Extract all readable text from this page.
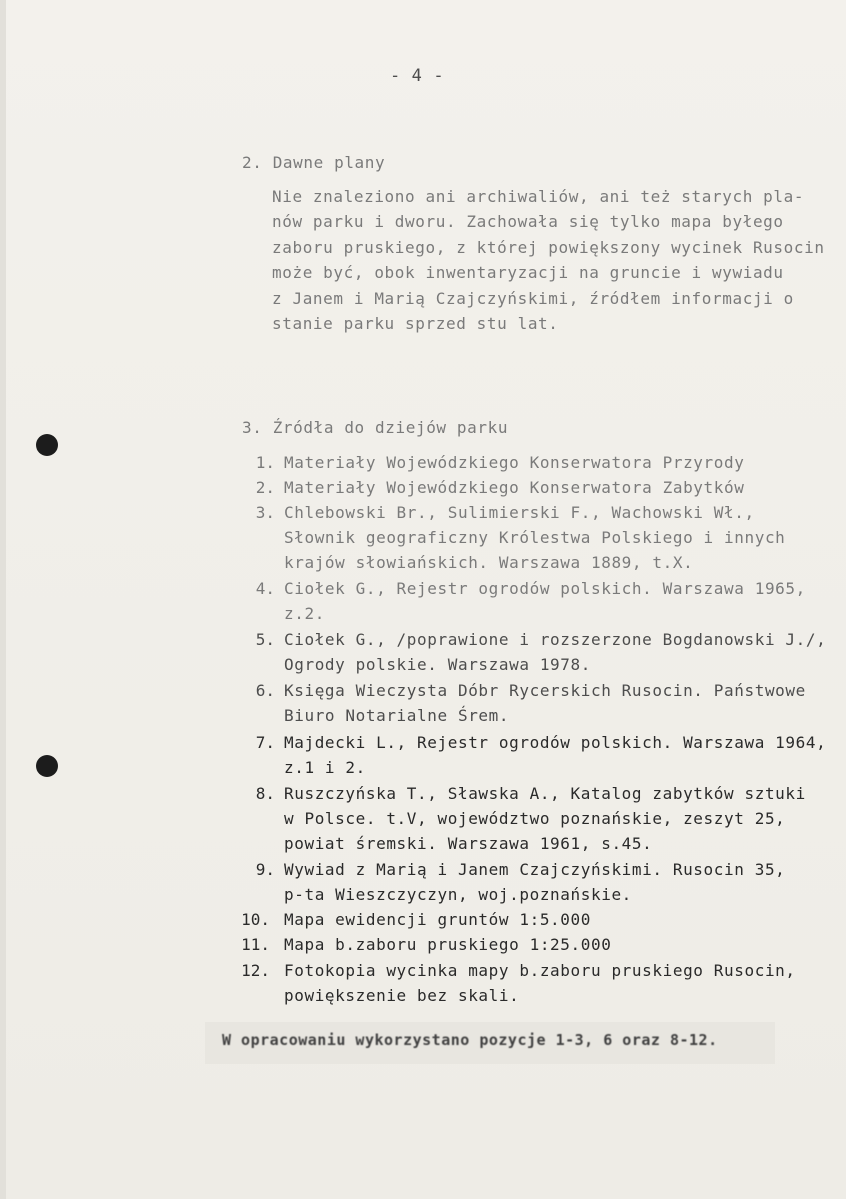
- 4 -
2. Dawne plany
Nie znaleziono ani archiwaliów, ani też starych pla-
nów parku i dworu. Zachowała się tylko mapa byłego
zaboru pruskiego, z której powiększony wycinek Rusocin
może być, obok inwentaryzacji na gruncie i wywiadu
z Janem i Marią Czajczyńskimi, źródłem informacji o
stanie parku sprzed stu lat.
3. Źródła do dziejów parku
1. Materiały Wojewódzkiego Konserwatora Przyrody
2. Materiały Wojewódzkiego Konserwatora Zabytków
3. Chlebowski Br., Sulimierski F., Wachowski Wł.,
Słownik geograficzny Królestwa Polskiego i innych
krajów słowiańskich. Warszawa 1889, t.X.
4. Ciołek G., Rejestr ogrodów polskich. Warszawa 1965,
z.2.
5. Ciołek G., /poprawione i rozszerzone Bogdanowski J./,
Ogrody polskie. Warszawa 1978.
6. Księga Wieczysta Dóbr Rycerskich Rusocin. Państwowe
Biuro Notarialne Śrem.
7. Majdecki L., Rejestr ogrodów polskich. Warszawa 1964,
z.1 i 2.
8. Ruszczyńska T., Sławska A., Katalog zabytków sztuki
w Polsce. t.V, województwo poznańskie, zeszyt 25,
powiat śremski. Warszawa 1961, s.45.
9. Wywiad z Marią i Janem Czajczyńskimi. Rusocin 35,
p-ta Wieszczyczyn, woj.poznańskie.
10. Mapa ewidencji gruntów 1:5.000
11. Mapa b.zaboru pruskiego 1:25.000
12. Fotokopia wycinka mapy b.zaboru pruskiego Rusocin,
powiększenie bez skali.
W opracowaniu wykorzystano pozycje 1-3, 6 oraz 8-12.
